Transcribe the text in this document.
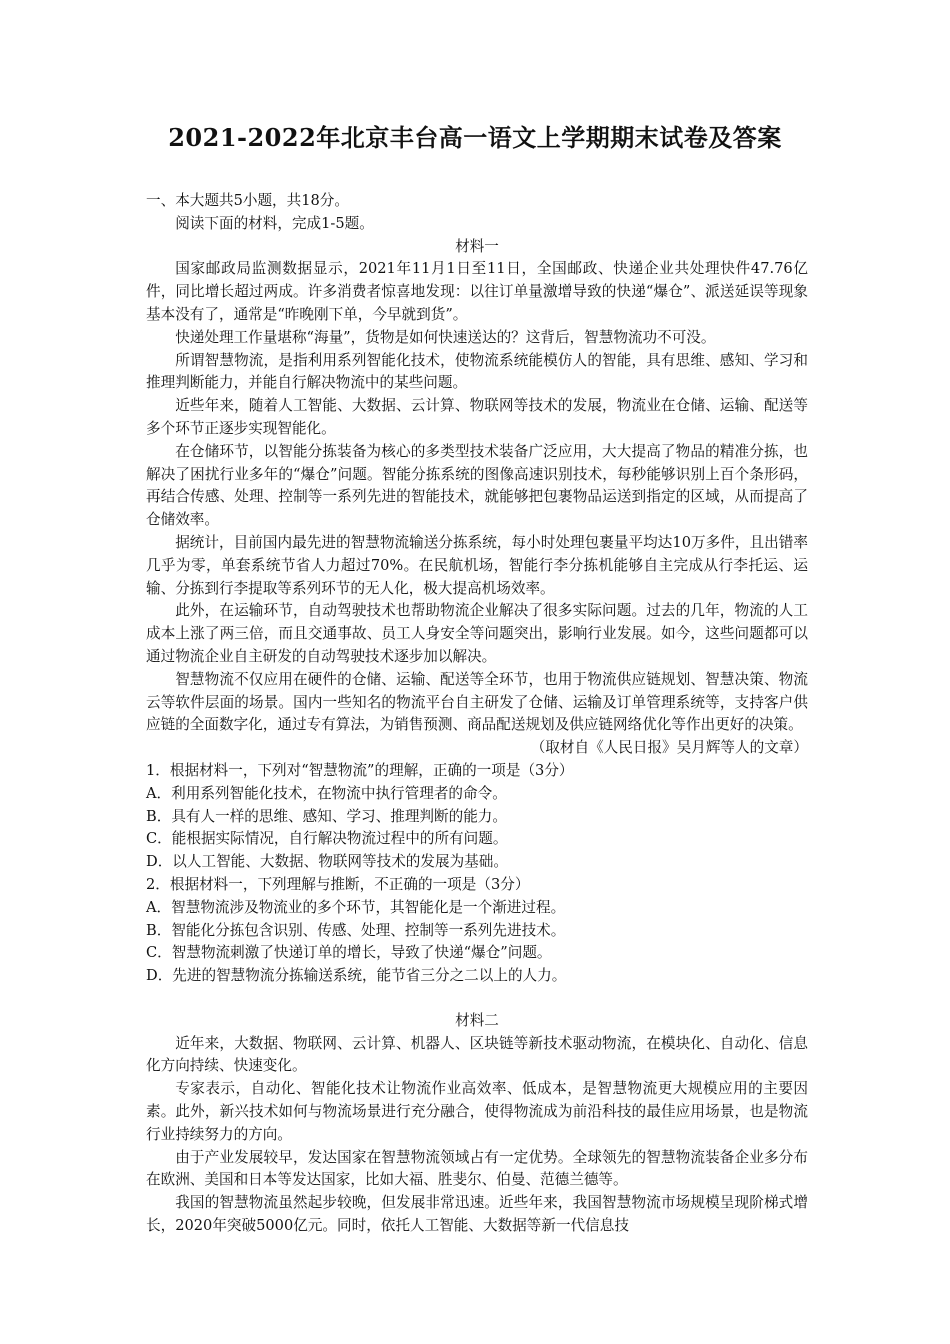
2021-2022年北京丰台高一语文上学期期末试卷及答案

一、本大题共5小题，共18分。

阅读下面的材料，完成1-5题。

材料一

国家邮政局监测数据显示，2021年11月1日至11日，全国邮政、快递企业共处理快件47.76亿件，同比增长超过两成。许多消费者惊喜地发现：以往订单量激增导致的快递“爆仓”、派送延误等现象基本没有了，通常是“昨晚刚下单，今早就到货”。

快递处理工作量堪称“海量”，货物是如何快速送达的？这背后，智慧物流功不可没。

所谓智慧物流，是指利用系列智能化技术，使物流系统能模仿人的智能，具有思维、感知、学习和推理判断能力，并能自行解决物流中的某些问题。

近些年来，随着人工智能、大数据、云计算、物联网等技术的发展，物流业在仓储、运输、配送等多个环节正逐步实现智能化。

在仓储环节，以智能分拣装备为核心的多类型技术装备广泛应用，大大提高了物品的精准分拣，也解决了困扰行业多年的“爆仓”问题。智能分拣系统的图像高速识别技术，每秒能够识别上百个条形码，再结合传感、处理、控制等一系列先进的智能技术，就能够把包裹物品运送到指定的区域，从而提高了仓储效率。

据统计，目前国内最先进的智慧物流输送分拣系统，每小时处理包裹量平均达10万多件，且出错率几乎为零，单套系统节省人力超过70%。在民航机场，智能行李分拣机能够自主完成从行李托运、运输、分拣到行李提取等系列环节的无人化，极大提高机场效率。

此外，在运输环节，自动驾驶技术也帮助物流企业解决了很多实际问题。过去的几年，物流的人工成本上涨了两三倍，而且交通事故、员工人身安全等问题突出，影响行业发展。如今，这些问题都可以通过物流企业自主研发的自动驾驶技术逐步加以解决。

智慧物流不仅应用在硬件的仓储、运输、配送等全环节，也用于物流供应链规划、智慧决策、物流云等软件层面的场景。国内一些知名的物流平台自主研发了仓储、运输及订单管理系统等，支持客户供应链的全面数字化，通过专有算法，为销售预测、商品配送规划及供应链网络优化等作出更好的决策。

（取材自《人民日报》吴月辉等人的文章）

1．根据材料一，下列对“智慧物流”的理解，正确的一项是（3分）

A．利用系列智能化技术，在物流中执行管理者的命令。

B．具有人一样的思维、感知、学习、推理判断的能力。

C．能根据实际情况，自行解决物流过程中的所有问题。

D．以人工智能、大数据、物联网等技术的发展为基础。

2．根据材料一，下列理解与推断，不正确的一项是（3分）

A．智慧物流涉及物流业的多个环节，其智能化是一个渐进过程。

B．智能化分拣包含识别、传感、处理、控制等一系列先进技术。

C．智慧物流刺激了快递订单的增长，导致了快递“爆仓”问题。

D．先进的智慧物流分拣输送系统，能节省三分之二以上的人力。

材料二

近年来，大数据、物联网、云计算、机器人、区块链等新技术驱动物流，在模块化、自动化、信息化方向持续、快速变化。

专家表示，自动化、智能化技术让物流作业高效率、低成本，是智慧物流更大规模应用的主要因素。此外，新兴技术如何与物流场景进行充分融合，使得物流成为前沿科技的最佳应用场景，也是物流行业持续努力的方向。

由于产业发展较早，发达国家在智慧物流领域占有一定优势。全球领先的智慧物流装备企业多分布在欧洲、美国和日本等发达国家，比如大福、胜斐尔、伯曼、范德兰德等。

我国的智慧物流虽然起步较晚，但发展非常迅速。近些年来，我国智慧物流市场规模呈现阶梯式增长，2020年突破5000亿元。同时，依托人工智能、大数据等新一代信息技
